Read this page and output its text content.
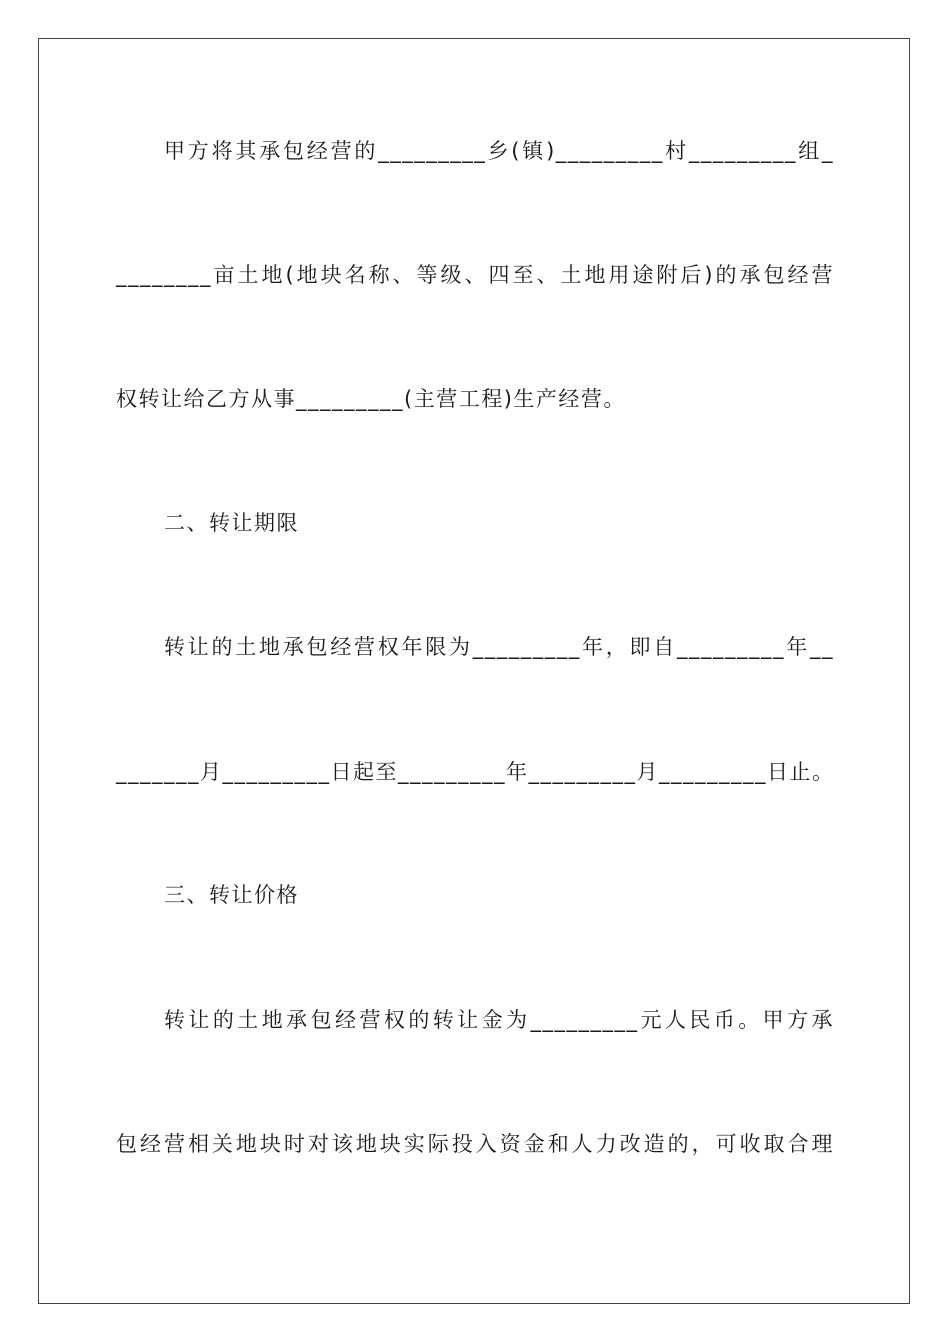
甲方将其承包经营的_________乡(镇)_________村_________组_
________亩土地(地块名称、等级、四至、土地用途附后)的承包经营
权转让给乙方从事_________(主营工程)生产经营。
二、转让期限
转让的土地承包经营权年限为_________年，即自_________年__
_______月_________日起至_________年_________月_________日止。
三、转让价格
转让的土地承包经营权的转让金为_________元人民币。甲方承
包经营相关地块时对该地块实际投入资金和人力改造的，可收取合理
